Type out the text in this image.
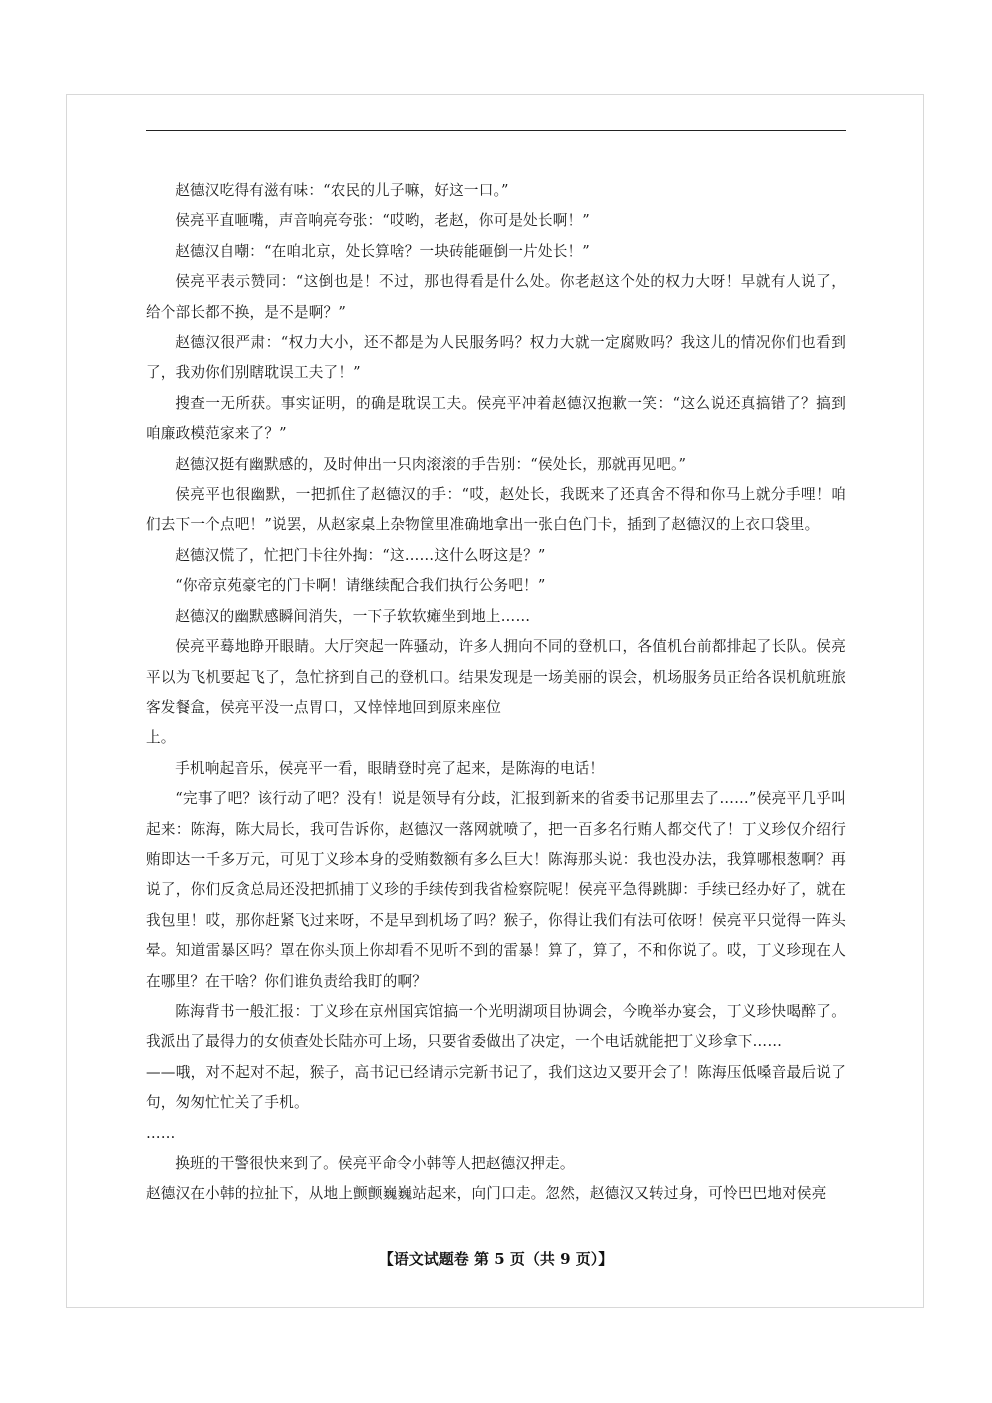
赵德汉吃得有滋有味：“农民的儿子嘛，好这一口。”

侯亮平直咂嘴，声音响亮夸张：“哎哟，老赵，你可是处长啊！”

赵德汉自嘲：“在咱北京，处长算啥？一块砖能砸倒一片处长！”

侯亮平表示赞同：“这倒也是！不过，那也得看是什么处。你老赵这个处的权力大呀！早就有人说了，给个部长都不换，是不是啊？”

赵德汉很严肃：“权力大小，还不都是为人民服务吗？权力大就一定腐败吗？我这儿的情况你们也看到了，我劝你们别瞎耽误工夫了！”

搜查一无所获。事实证明，的确是耽误工夫。侯亮平冲着赵德汉抱歉一笑：“这么说还真搞错了？搞到咱廉政模范家来了？”

赵德汉挺有幽默感的，及时伸出一只肉滚滚的手告别：“侯处长，那就再见吧。”

侯亮平也很幽默，一把抓住了赵德汉的手：“哎，赵处长，我既来了还真舍不得和你马上就分手哩！咱们去下一个点吧！”说罢，从赵家桌上杂物筐里准确地拿出一张白色门卡，插到了赵德汉的上衣口袋里。

赵德汉慌了，忙把门卡往外掏：“这……这什么呀这是？”

“你帝京苑豪宅的门卡啊！请继续配合我们执行公务吧！”

赵德汉的幽默感瞬间消失，一下子软软瘫坐到地上……

侯亮平蓦地睁开眼睛。大厅突起一阵骚动，许多人拥向不同的登机口，各值机台前都排起了长队。侯亮平以为飞机要起飞了，急忙挤到自己的登机口。结果发现是一场美丽的误会，机场服务员正给各误机航班旅客发餐盒，侯亮平没一点胃口，又悻悻地回到原来座位

上。

手机响起音乐，侯亮平一看，眼睛登时亮了起来，是陈海的电话！

“完事了吧？该行动了吧？没有！说是领导有分歧，汇报到新来的省委书记那里去了……”侯亮平几乎叫起来：陈海，陈大局长，我可告诉你，赵德汉一落网就喷了，把一百多名行贿人都交代了！丁义珍仅介绍行贿即达一千多万元，可见丁义珍本身的受贿数额有多么巨大！陈海那头说：我也没办法，我算哪根葱啊？再说了，你们反贪总局还没把抓捕丁义珍的手续传到我省检察院呢！侯亮平急得跳脚：手续已经办好了，就在我包里！哎，那你赶紧飞过来呀，不是早到机场了吗？猴子，你得让我们有法可依呀！侯亮平只觉得一阵头晕。知道雷暴区吗？罩在你头顶上你却看不见听不到的雷暴！算了，算了，不和你说了。哎，丁义珍现在人在哪里？在干啥？你们谁负责给我盯的啊？

陈海背书一般汇报：丁义珍在京州国宾馆搞一个光明湖项目协调会，今晚举办宴会，丁义珍快喝醉了。我派出了最得力的女侦查处长陆亦可上场，只要省委做出了决定，一个电话就能把丁义珍拿下……

——哦，对不起对不起，猴子，高书记已经请示完新书记了，我们这边又要开会了！陈海压低嗓音最后说了句，匆匆忙忙关了手机。

……

换班的干警很快来到了。侯亮平命令小韩等人把赵德汉押走。

赵德汉在小韩的拉扯下，从地上颤颤巍巍站起来，向门口走。忽然，赵德汉又转过身，可怜巴巴地对侯亮

【语文试题卷 第 5 页（共 9 页）】
